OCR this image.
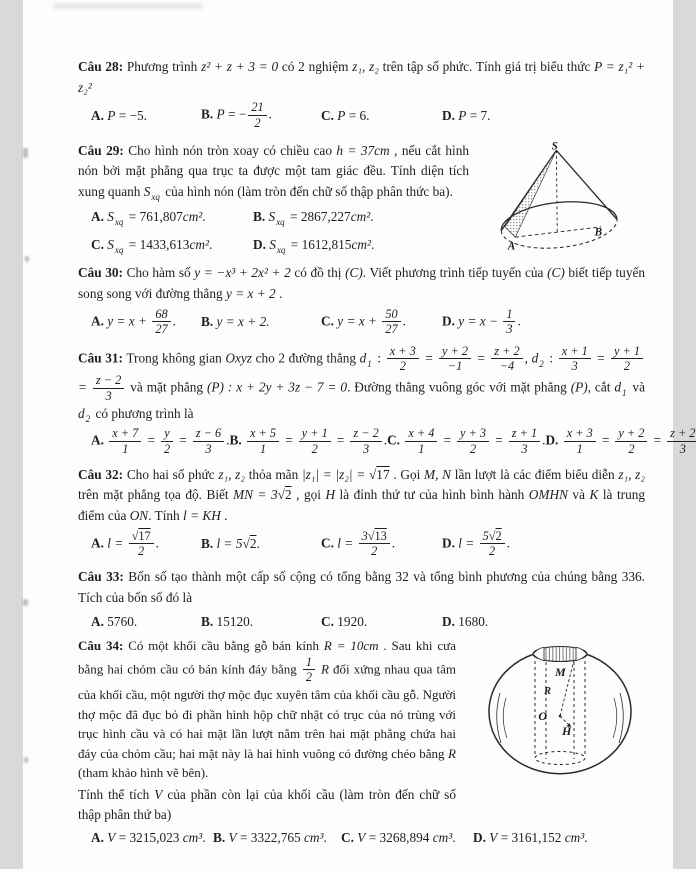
Câu 28: Phương trình z² + z + 3 = 0 có 2 nghiệm z₁, z₂ trên tập số phức. Tính giá trị biểu thức P = z₁² + z₂²
A. P = −5.	B. P = − $\frac{21}{2}$ .	C. P = 6.	D. P = 7.
S
A
B
Câu 29: Cho hình nón tròn xoay có chiều cao h = 37cm , nếu cắt hình nón bởi mặt phẳng qua trục ta được một tam giác đều. Tính diện tích xung quanh $S_{xq}$ của hình nón (làm tròn đến chữ số thập phân thức ba).
A. $S_{xq} = 761,807cm^2$.	B. $S_{xq} = 2867,227cm^2$.
C. $S_{xq} = 1433,613cm^2$.	D. $S_{xq} = 1612,815cm^2$.
Câu 30: Cho hàm số y = −x³ + 2x² + 2 có đồ thị (C). Viết phương trình tiếp tuyến của (C) biết tiếp tuyến song song với đường thẳng y = x + 2 .
A. $y = x + \frac{68}{27}$ .	B. y = x + 2.	C. $y = x + \frac{50}{27}$ .	D. $y = x - \frac{1}{3}$ .
Câu 31: Trong không gian Oxyz cho 2 đường thẳng $d_1$ : $\frac{x + 3}{2} = \frac{y + 2}{-1} = \frac{z + 2}{-4}$ , $d_2$ : $\frac{x + 1}{3} = \frac{y + 1}{2}$
= $\frac{z - 2}{3}$ và mặt phẳng (P) : x + 2y + 3z − 7 = 0. Đường thẳng vuông góc với mặt phẳng (P), cắt $d_1$ và $d_2$ có phương trình là
A. $\frac{x + 7}{1} = \frac{y}{2} = \frac{z - 6}{3}$ . B. $\frac{x + 5}{1} = \frac{y + 1}{2} = \frac{z - 2}{3}$ . C. $\frac{x + 4}{1} = \frac{y + 3}{2} = \frac{z + 1}{3}$ . D. $\frac{x + 3}{1} = \frac{y + 2}{2} = \frac{z + 2}{3}$
Câu 32: Cho hai số phức z₁, z₂ thỏa mãn |z₁| = |z₂| = √17 . Gọi M, N lần lượt là các điểm biểu diễn z₁, z₂ trên mặt phẳng tọa độ. Biết MN = 3√2 , gọi H là đỉnh thứ tư của hình bình hành OMHN và K là trung điểm của ON. Tính l = KH .
A. $l = \frac{√17}{2}$ .	B. l = 5√2.	C. $l = \frac{3√13}{2}$ .	D. $l = \frac{5√2}{2}$ .
Câu 33: Bốn số tạo thành một cấp số cộng có tổng bằng 32 và tổng bình phương của chúng bằng 336. Tích của bốn số đó là
A. 5760.	B. 15120.	C. 1920.	D. 1680.
M
R
O
H
Câu 34: Có một khối cầu bằng gỗ bán kính R = 10cm . Sau khi cưa bằng hai chỏm cầu có bán kính đáy bằng $\frac{1}{2}$ R đối xứng nhau qua tâm của khối cầu, một người thợ mộc đục xuyên tâm của khối cầu gỗ. Người thợ mộc đã đục bỏ đi phần hình hộp chữ nhật có trục của nó trùng với trục hình cầu và có hai mặt lần lượt nằm trên hai mặt phẳng chứa hai đáy của chỏm cầu; hai mặt này là hai hình vuông có đường chéo bằng R (tham khảo hình vẽ bên).
Tính thể tích V của phần còn lại của khối cầu (làm tròn đến chữ số thập phân thứ ba)
A. V = 3215,023 cm³. B. V = 3322,765 cm³.	C. V = 3268,894 cm³.	D. V = 3161,152 cm³.
